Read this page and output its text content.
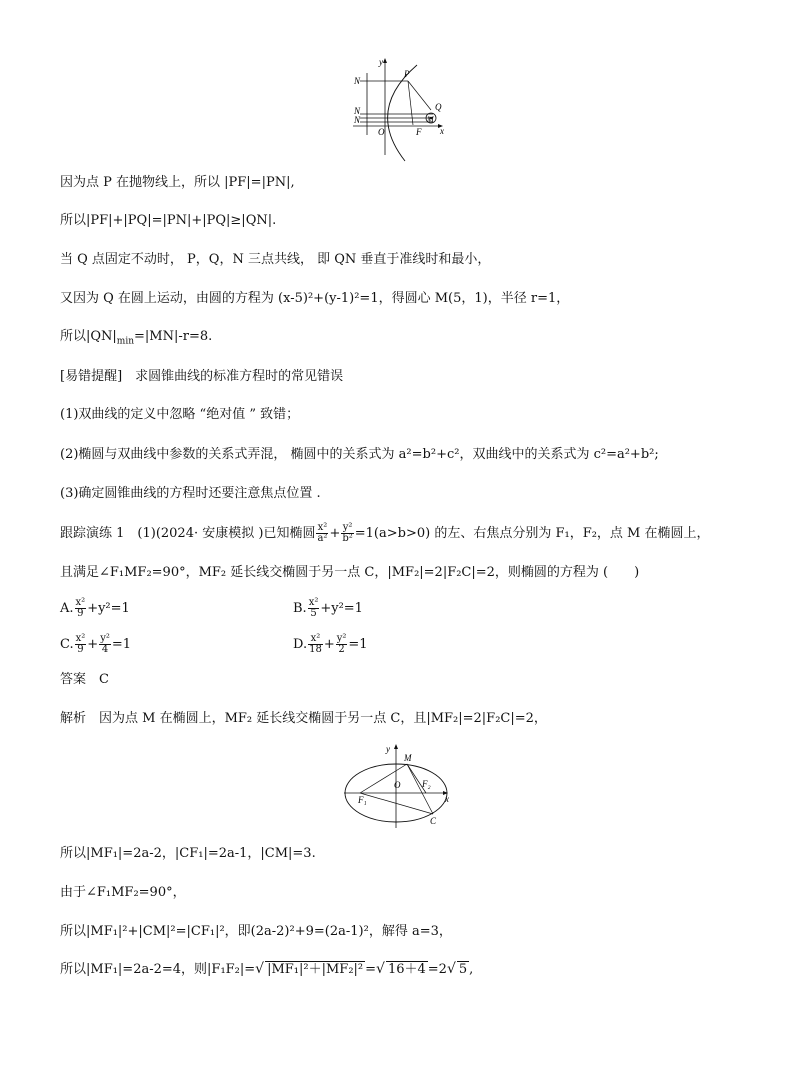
y
x
N
N
N
P
Q
M
O	F
因为点 P 在抛物线上，所以 |PF|=|PN|,
所以|PF|+|PQ|=|PN|+|PQ|≥|QN|.
当 Q 点固定不动时， P，Q，N 三点共线， 即 QN 垂直于准线时和最小，
又因为 Q 在圆上运动，由圆的方程为 (x-5)²+(y-1)²=1，得圆心 M(5，1)，半径 r=1，
所以$|QN|_{min}=|MN|-r=8$.
[易错提醒]　求圆锥曲线的标准方程时的常见错误
(1)双曲线的定义中忽略 “绝对值 ” 致错；
(2)椭圆与双曲线中参数的关系式弄混， 椭圆中的关系式为 a²=b²+c²，双曲线中的关系式为 c²=a²+b²;
(3)确定圆锥曲线的方程时还要注意焦点位置 .
跟踪演练 1　(1)(2024· 安康模拟 )已知椭圆 $\frac{\text{x²}}{\text{a²}} + \frac{\text{y²}}{\text{b²}} =1(a>b>0)$ 的左、右焦点分别为 F₁，F₂，点 M 在椭圆上，
且满足∠F₁MF₂=90°，MF₂ 延长线交椭圆于另一点 C，|MF₂|=2|F₂C|=2，则椭圆的方程为 (　　)
A. $\frac{\text{x²}}{9} +y^2=1$	B. $\frac{\text{x²}}{5} +y^2=1$
C. $\frac{\text{x²}}{9} + \frac{\text{y²}}{4} =1$	D. $\frac{\text{x²}}{18} + \frac{\text{y²}}{2} =1$
答案　C
解析　因为点 M 在椭圆上，MF₂ 延长线交椭圆于另一点 C，且|MF₂|=2|F₂C|=2，
y
x
M
O
F₁
F₂
C
所以|MF₁|=2a-2，|CF₁|=2a-1，|CM|=3.
由于∠F₁MF₂=90°，
所以|MF₁|²+|CM|²=|CF₁|²，即(2a-2)²+9=(2a-1)²，解得 a=3，
所以|MF₁|=2a-2=4，则|F₁F₂|=√ |MF₁|²＋|MF₂|² =√ 16＋4 =2√ 5 ,
